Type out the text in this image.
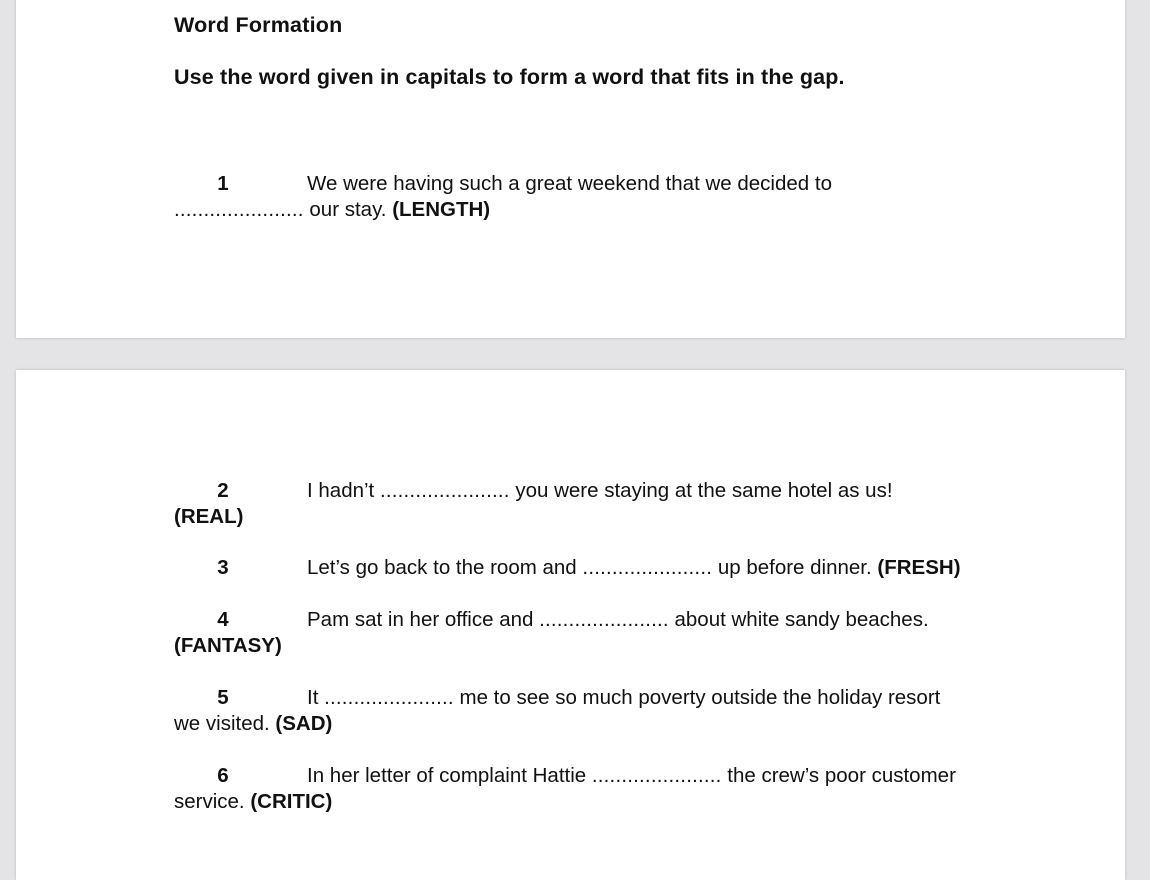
Word Formation
Use the word given in capitals to form a word that fits in the gap.
1	We were having such a great weekend that we decided to
...................... our stay. (LENGTH)
2	I hadn’t ...................... you were staying at the same hotel as us!
(REAL)
3	Let’s go back to the room and ...................... up before dinner. (FRESH)
4	Pam sat in her office and ...................... about white sandy beaches.
(FANTASY)
5	It ...................... me to see so much poverty outside the holiday resort
we visited. (SAD)
6	In her letter of complaint Hattie ...................... the crew’s poor customer
service. (CRITIC)
